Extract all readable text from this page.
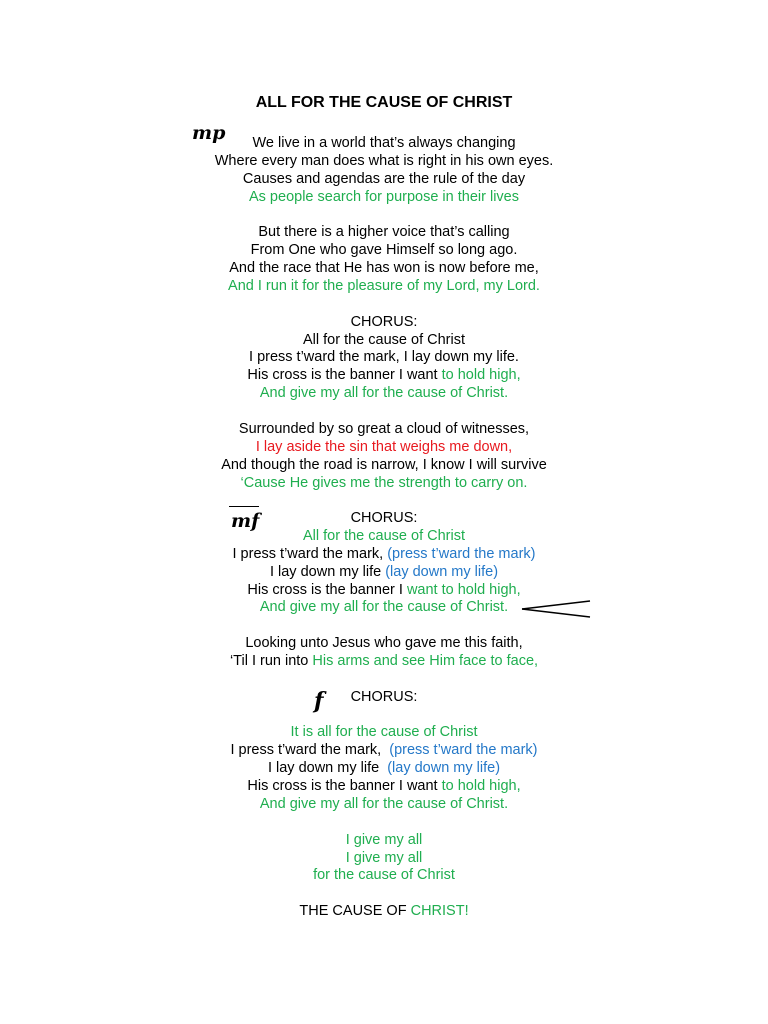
ALL FOR THE CAUSE OF CHRIST
mp	We live in a world that’s always changing
Where every man does what is right in his own eyes.
Causes and agendas are the rule of the day
As people search for purpose in their lives
But there is a higher voice that’s calling
From One who gave Himself so long ago.
And the race that He has won is now before me,
And I run it for the pleasure of my Lord, my Lord.
CHORUS:
All for the cause of Christ
I press t’ward the mark, I lay down my life.
His cross is the banner I want to hold high,
And give my all for the cause of Christ.
Surrounded by so great a cloud of witnesses,
I lay aside the sin that weighs me down,
And though the road is narrow, I know I will survive
‘Cause He gives me the strength to carry on.
mf	CHORUS:
All for the cause of Christ
I press t’ward the mark, (press t’ward the mark)
I lay down my life (lay down my life)
His cross is the banner I want to hold high,
And give my all for the cause of Christ.
Looking unto Jesus who gave me this faith,
‘Til I run into His arms and see Him face to face,
f	CHORUS:
It is all for the cause of Christ
I press t’ward the mark,  (press t’ward the mark)
I lay down my life  (lay down my life)
His cross is the banner I want to hold high,
And give my all for the cause of Christ.
I give my all
I give my all
for the cause of Christ
THE CAUSE OF CHRIST!
